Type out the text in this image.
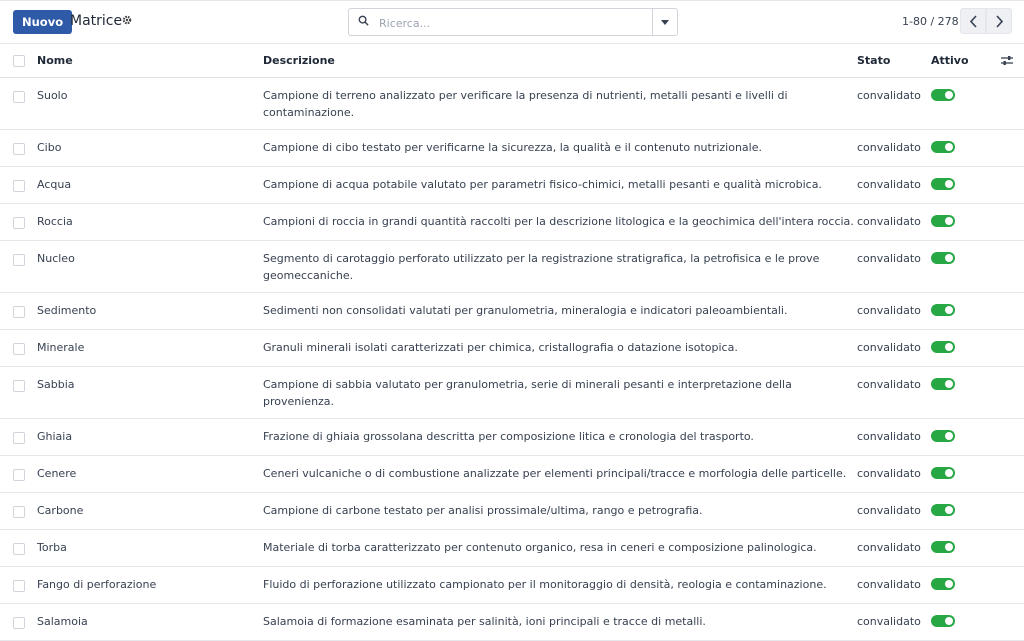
Nuovo Matrice
Ricerca...	1-80 / 278
	Nome	Descrizione	Stato	Attivo	

	Suolo	Campione di terreno analizzato per verificare la presenza di nutrienti, metalli pesanti e livelli di contaminazione.	convalidato		

	Cibo	Campione di cibo testato per verificarne la sicurezza, la qualità e il contenuto nutrizionale.	convalidato		

	Acqua	Campione di acqua potabile valutato per parametri fisico-chimici, metalli pesanti e qualità microbica.	convalidato		

	Roccia	Campioni di roccia in grandi quantità raccolti per la descrizione litologica e la geochimica dell'intera roccia.	convalidato		

	Nucleo	Segmento di carotaggio perforato utilizzato per la registrazione stratigrafica, la petrofisica e le prove geomeccaniche.	convalidato		

	Sedimento	Sedimenti non consolidati valutati per granulometria, mineralogia e indicatori paleoambientali.	convalidato		

	Minerale	Granuli minerali isolati caratterizzati per chimica, cristallografia o datazione isotopica.	convalidato		

	Sabbia	Campione di sabbia valutato per granulometria, serie di minerali pesanti e interpretazione della provenienza.	convalidato		

	Ghiaia	Frazione di ghiaia grossolana descritta per composizione litica e cronologia del trasporto.	convalidato		

	Cenere	Ceneri vulcaniche o di combustione analizzate per elementi principali/tracce e morfologia delle particelle.	convalidato		

	Carbone	Campione di carbone testato per analisi prossimale/ultima, rango e petrografia.	convalidato		

	Torba	Materiale di torba caratterizzato per contenuto organico, resa in ceneri e composizione palinologica.	convalidato		

	Fango di perforazione	Fluido di perforazione utilizzato campionato per il monitoraggio di densità, reologia e contaminazione.	convalidato		

	Salamoia	Salamoia di formazione esaminata per salinità, ioni principali e tracce di metalli.	convalidato		
